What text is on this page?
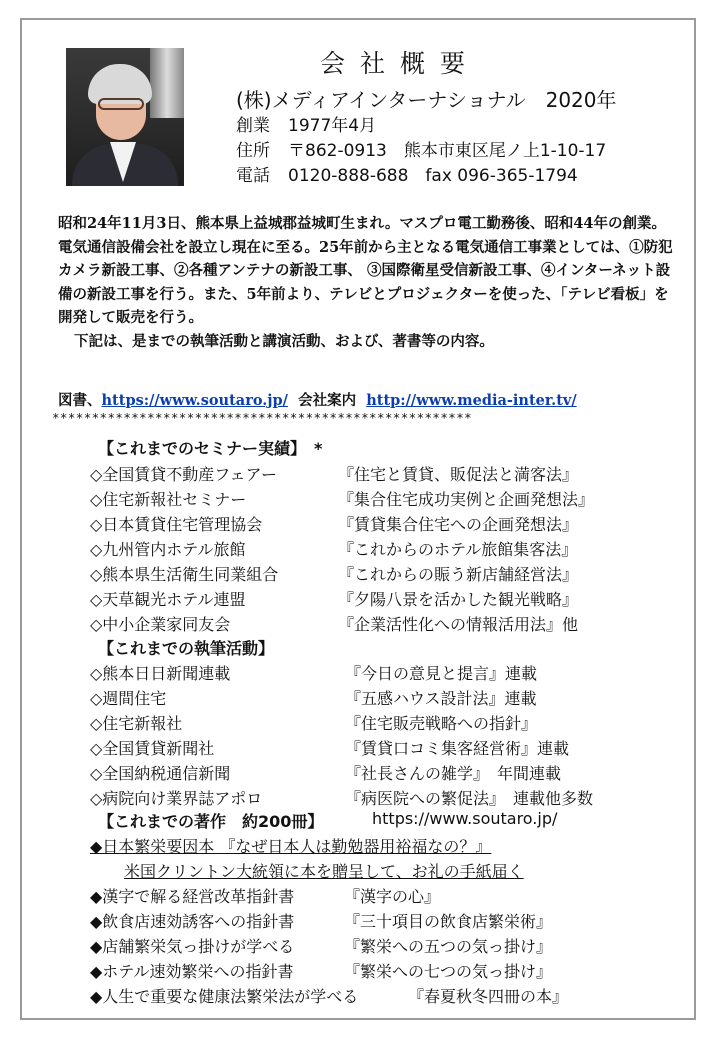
会社概要
(株)メディアインターナショナル　2020年
創業 1977年4月
住所 〒862-0913　熊本市東区尾ノ上1-10-17
電話 0120-888-688　fax 096-365-1794

昭和24年11月3日、熊本県上益城郡益城町生まれ。マスプロ電工勤務後、昭和44年の創業。 電気通信設備会社を設立し現在に至る。25年前から主となる電気通信工事業としては、①防犯カメラ新設工事、②各種アンテナの新設工事、 ③国際衛星受信新設工事、④インターネット設備の新設工事を行う。また、5年前より、テレビとプロジェクターを使った、「テレビ看板」を開発して販売を行う。

下記は、是までの執筆活動と講演活動、および、著書等の内容。

図書、https://www.soutaro.jp/ 会社案内 http://www.media-inter.tv/
*****************************************************
【これまでのセミナー実績】　*
◇全国賃貸不動産フェアー	『住宅と賃貸、販促法と満客法』
◇住宅新報社セミナー	『集合住宅成功実例と企画発想法』
◇日本賃貸住宅管理協会	『賃貸集合住宅への企画発想法』
◇九州管内ホテル旅館	『これからのホテル旅館集客法』
◇熊本県生活衛生同業組合	『これからの賑う新店舗経営法』
◇天草観光ホテル連盟	『夕陽八景を活かした観光戦略』
◇中小企業家同友会	『企業活性化への情報活用法』他
【これまでの執筆活動】
◇熊本日日新聞連載	『今日の意見と提言』連載
◇週間住宅	『五感ハウス設計法』連載
◇住宅新報社	『住宅販売戦略への指針』
◇全国賃貸新聞社	『賃貸口コミ集客経営術』連載
◇全国納税通信新聞	『社長さんの雑学』　年間連載
◇病院向け業界誌アポロ	『病医院への繁促法』　連載他多数
【これまでの著作　約200冊】	https://www.soutaro.jp/
◆日本繁栄要因本 『なぜ日本人は勤勉器用裕福なの？』
米国クリントン大統領に本を贈呈して、お礼の手紙届く
◆漢字で解る経営改革指針書	『漢字の心』
◆飲食店速効誘客への指針書	『三十項目の飲食店繁栄術』
◆店舗繁栄気っ掛けが学べる	『繁栄への五つの気っ掛け』
◆ホテル速効繁栄への指針書	『繁栄への七つの気っ掛け』
◆人生で重要な健康法繁栄法が学べる	『春夏秋冬四冊の本』
